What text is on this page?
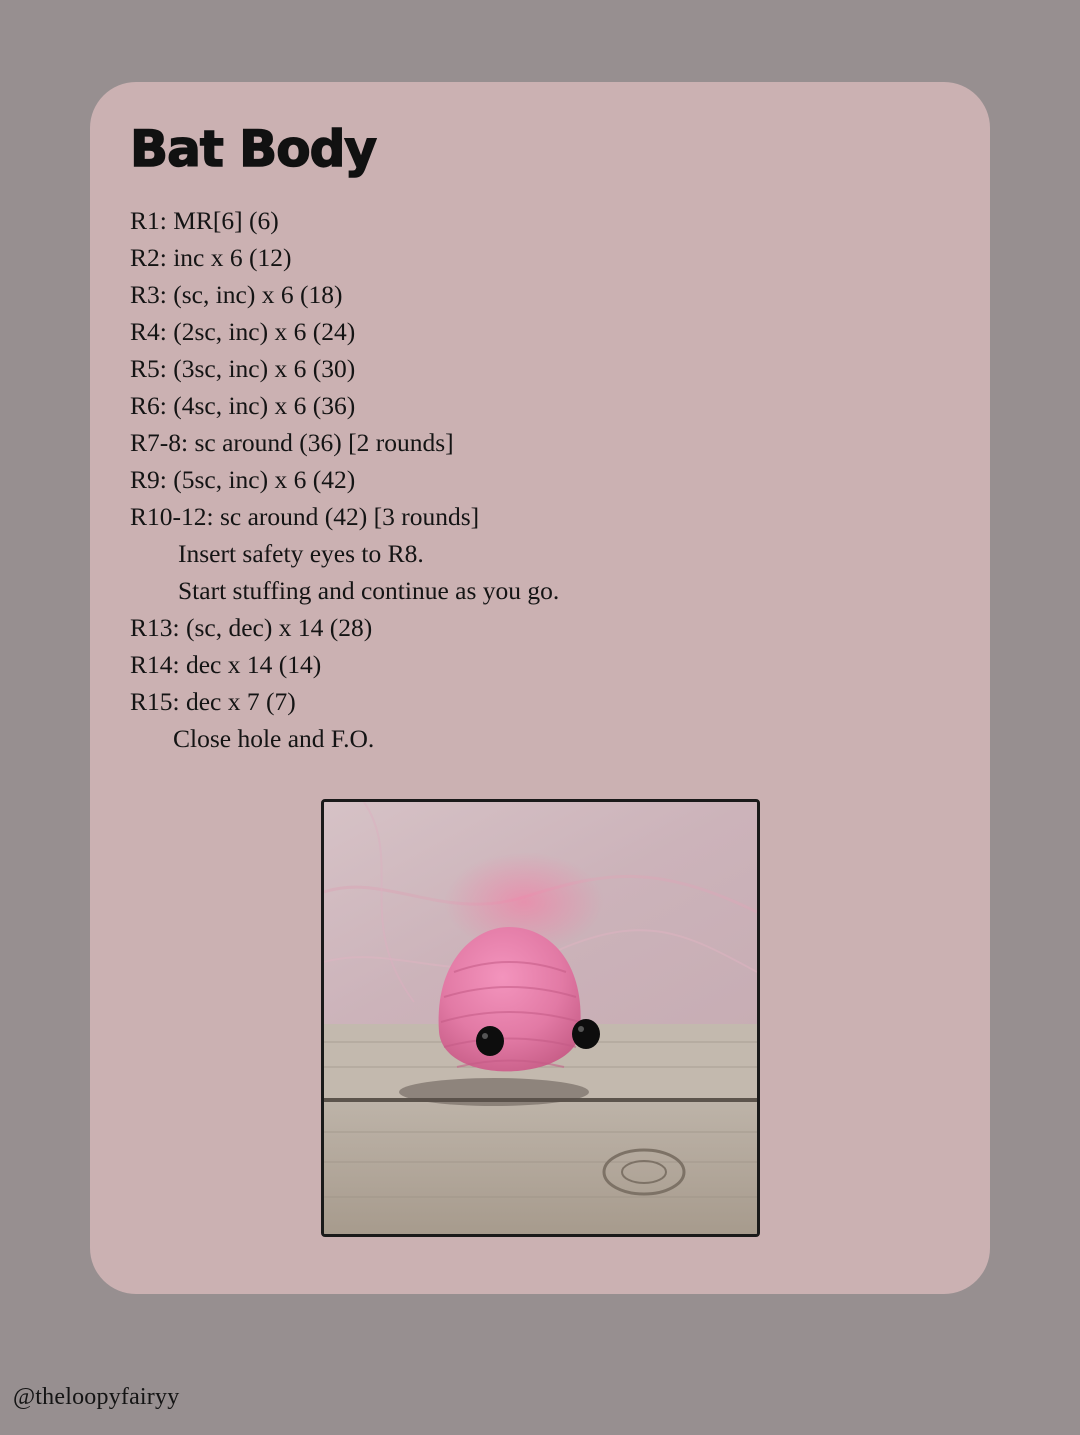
Bat Body
R1: MR[6] (6)
R2: inc x 6 (12)
R3: (sc, inc) x 6 (18)
R4: (2sc, inc) x 6 (24)
R5: (3sc, inc) x 6 (30)
R6: (4sc, inc) x 6 (36)
R7-8: sc around (36) [2 rounds]
R9: (5sc, inc) x 6 (42)
R10-12: sc around (42) [3 rounds]
Insert safety eyes to R8.
Start stuffing and continue as you go.
R13: (sc, dec) x 14 (28)
R14: dec x 14 (14)
R15: dec x 7 (7)
Close hole and F.O.
@theloopyfairyy
